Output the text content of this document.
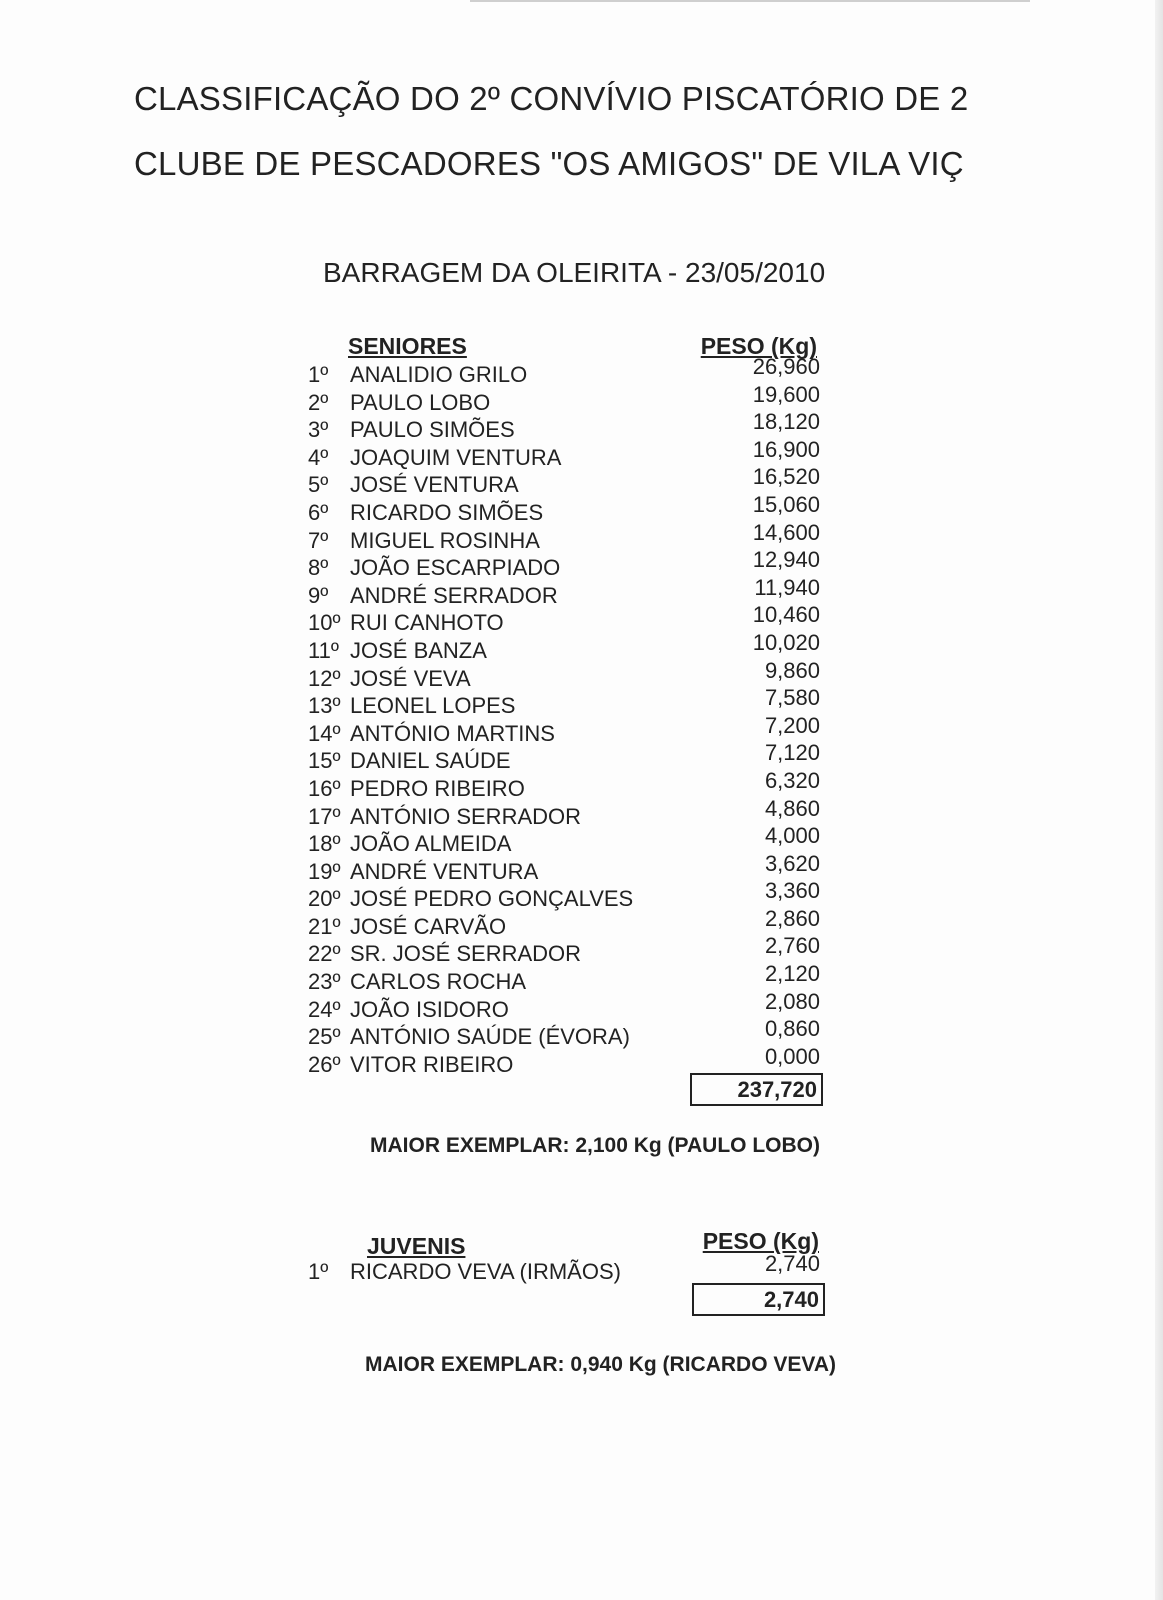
CLASSIFICAÇÃO DO 2º CONVÍVIO PISCATÓRIO DE 2
CLUBE DE PESCADORES "OS AMIGOS" DE VILA VIÇ
BARRAGEM DA OLEIRITA - 23/05/2010
SENIORES	PESO (Kg)
1º ANALIDIO GRILO	26,960
2º PAULO LOBO	19,600
3º PAULO SIMÕES	18,120
4º JOAQUIM VENTURA	16,900
5º JOSÉ VENTURA	16,520
6º RICARDO SIMÕES	15,060
7º MIGUEL ROSINHA	14,600
8º JOÃO ESCARPIADO	12,940
9º ANDRÉ SERRADOR	11,940
10º RUI CANHOTO	10,460
11º JOSÉ BANZA	10,020
12º JOSÉ VEVA	9,860
13º LEONEL LOPES	7,580
14º ANTÓNIO MARTINS	7,200
15º DANIEL SAÚDE	7,120
16º PEDRO RIBEIRO	6,320
17º ANTÓNIO SERRADOR	4,860
18º JOÃO ALMEIDA	4,000
19º ANDRÉ VENTURA	3,620
20º JOSÉ PEDRO GONÇALVES	3,360
21º JOSÉ CARVÃO	2,860
22º SR. JOSÉ SERRADOR	2,760
23º CARLOS ROCHA	2,120
24º JOÃO ISIDORO	2,080
25º ANTÓNIO SAÚDE (ÉVORA)	0,860
26º VITOR RIBEIRO	0,000
237,720
MAIOR EXEMPLAR: 2,100 Kg (PAULO LOBO)
JUVENIS	PESO (Kg)
1º RICARDO VEVA (IRMÃOS)	2,740
2,740
MAIOR EXEMPLAR: 0,940 Kg (RICARDO VEVA)
